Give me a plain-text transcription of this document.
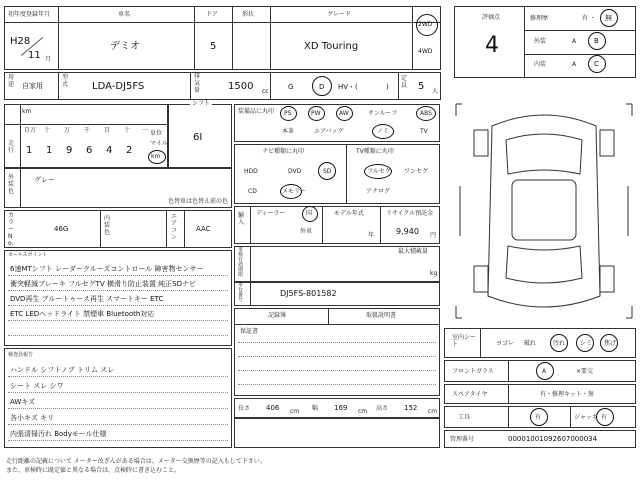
初年度登録年月
H28
11 月
車名
デミオ
ドア
5
形状	グレード
XD Touring
2WD
4WD
用途 自家用
型式 LDA-DJ5FS
排気量	1500 cc
G	D HV・(	)
定員 5 人
評価点
4
修理歴	有 ・ 無
外装	A	B
内装	A	C
km
シフト
走行
百万 十 万 千 百 十 一
1 1 9 6 4 2
単位
マイル
km
6I
外装色
グレー
色替車は色替え前の色
カラーNo.
46G
内装色
エアコン
AAC
セールスポイント
6速MTシフト レーダークルーズコントロール 障害物センサー
衝突軽減ブレーキ フルセグTV 横滑り防止装置 純正SDナビ
DVD再生 ブルートゥース再生 スマートキー ETC
ETC LEDヘッドライト 禁煙車 Bluetooth対応
検査員報告
ハンドル シフトノブ トリム スレ
シート スレ シワ
AWキズ
各小キズ キリ
内張清掃汚れ Bodyモール仕様
装備品に丸印 PS	PW	AW	サンルーフ	ABS
本革	エアバッグ	ノミ	TV
ナビ種類に丸印
HDD	DVD	SD
CD	メモリー
TV種類に丸印
フルセグ ワンセグ
アナログ
輸入
ディーラー	国
外車
モデル年式
年
リサイクル預託金
9,940 円
車検有効期限
最大積載量
kg
車台番号
DJ5FS-801582
記録簿	取扱説明書
保証書
長さ 406 cm 幅 169 cm 高さ 152 cm
室内シート	ヨゴレ 破れ	汚れ シミ 焦げ
フロントガラス	A	×要交
スペアタイヤ	有・修理キット・無
工具	有	ジャッキ 有
管理番号	00001001092607000034
走行距離の記載について メーター改ざんがある場合は、メーター交換歴等の記入もして下さい。
また、車検時に既定値と異なる場合は、点検時に書き込むこと。
